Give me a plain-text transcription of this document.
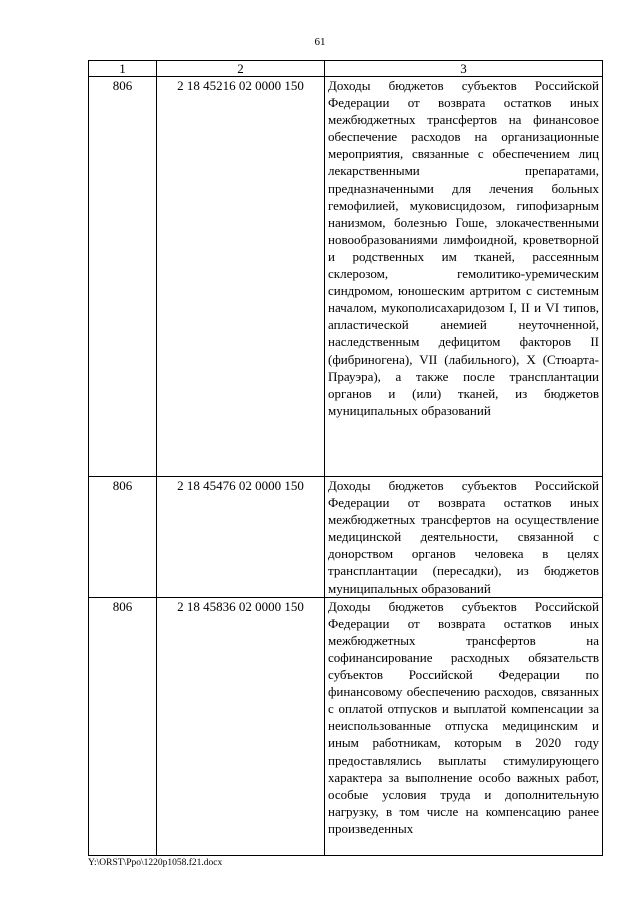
61
1	2	3
806	2 18 45216 02 0000 150	Доходы бюджетов субъектов Российской Федерации от возврата остатков иных межбюджетных трансфертов на финансовое обеспечение расходов на организационные мероприятия, связанные с обеспечением лиц лекарственными препаратами, предназначенными для лечения больных гемофилией, муковисцидозом, гипофизарным нанизмом, болезнью Гоше, злокачественными новообразованиями лимфоидной, кроветворной и родственных им тканей, рассеянным склерозом, гемолитико-уремическим синдромом, юношеским артритом с системным началом, мукополисахаридозом I, II и VI типов, апластической анемией неуточненной, наследственным дефицитом факторов II (фибриногена), VII (лабильного), X (Стюарта-Прауэра), а также после трансплантации органов и (или) тканей, из бюджетов муниципальных образований
806	2 18 45476 02 0000 150	Доходы бюджетов субъектов Российской Федерации от возврата остатков иных межбюджетных трансфертов на осуществление медицинской деятельности, связанной с донорством органов человека в целях трансплантации (пересадки), из бюджетов муниципальных образований
806	2 18 45836 02 0000 150	Доходы бюджетов субъектов Российской Федерации от возврата остатков иных межбюджетных трансфертов на софинансирование расходных обязательств субъектов Российской Федерации по финансовому обеспечению расходов, связанных с оплатой отпусков и выплатой компенсации за неиспользованные отпуска медицинским и иным работникам, которым в 2020 году предоставлялись выплаты стимулирующего характера за выполнение особо важных работ, особые условия труда и дополнительную нагрузку, в том числе на компенсацию ранее произведенных
Y:\ORST\Ppo\1220p1058.f21.docx
